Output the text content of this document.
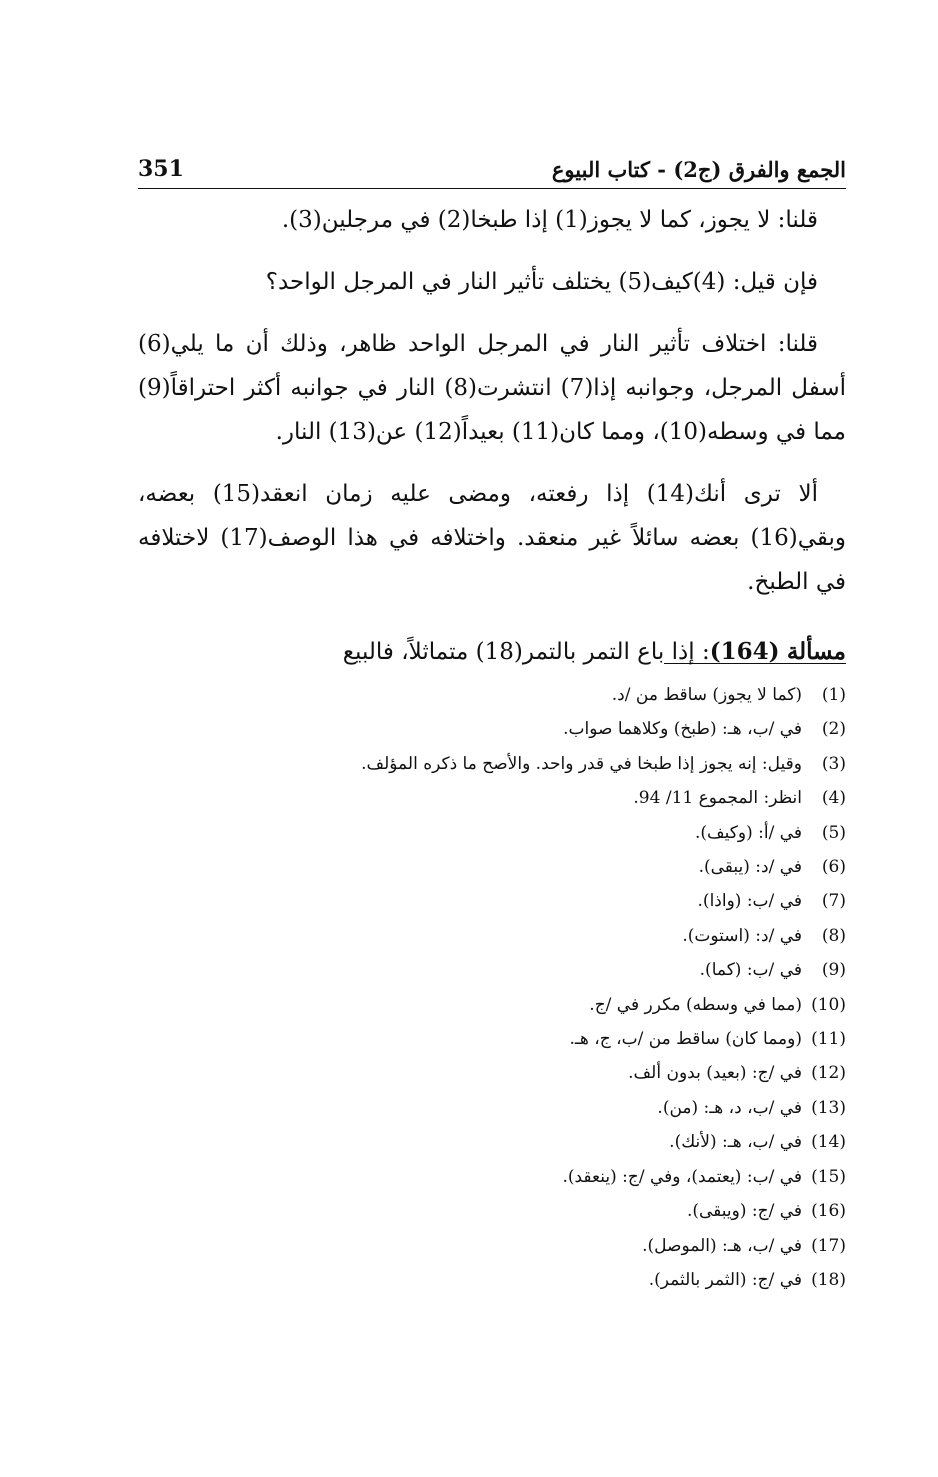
351	الجمع والفرق (ج2) - كتاب البيوع

قلنا: لا يجوز، كما لا يجوز(1) إذا طبخا(2) في مرجلين(3).

فإن قيل: (4)كيف(5) يختلف تأثير النار في المرجل الواحد؟

قلنا: اختلاف تأثير النار في المرجل الواحد ظاهر، وذلك أن ما يلي(6) أسفل المرجل، وجوانبه إذا(7) انتشرت(8) النار في جوانبه أكثر احتراقاً(9) مما في وسطه(10)، ومما كان(11) بعيداً(12) عن(13) النار.

ألا ترى أنك(14) إذا رفعته، ومضى عليه زمان انعقد(15) بعضه، وبقي(16) بعضه سائلاً غير منعقد. واختلافه في هذا الوصف(17) لاختلافه في الطبخ.

مسألة (164): إذا باع التمر بالتمر(18) متماثلاً، فالبيع

(1)(كما لا يجوز) ساقط من /د.
(2)في /ب، هـ: (طبخ) وكلاهما صواب.
(3)وقيل: إنه يجوز إذا طبخا في قدر واحد. والأصح ما ذكره المؤلف.
(4)انظر: المجموع 11/ 94.
(5)في /أ: (وكيف).
(6)في /د: (يبقى).
(7)في /ب: (واذا).
(8)في /د: (استوت).
(9)في /ب: (كما).
(10)(مما في وسطه) مكرر في /ج.
(11)(ومما كان) ساقط من /ب، ج، هـ.
(12)في /ج: (بعيد) بدون ألف.
(13)في /ب، د، هـ: (من).
(14)في /ب، هـ: (لأنك).
(15)في /ب: (يعتمد)، وفي /ج: (ينعقد).
(16)في /ج: (ويبقى).
(17)في /ب، هـ: (الموصل).
(18)في /ج: (الثمر بالثمر).
